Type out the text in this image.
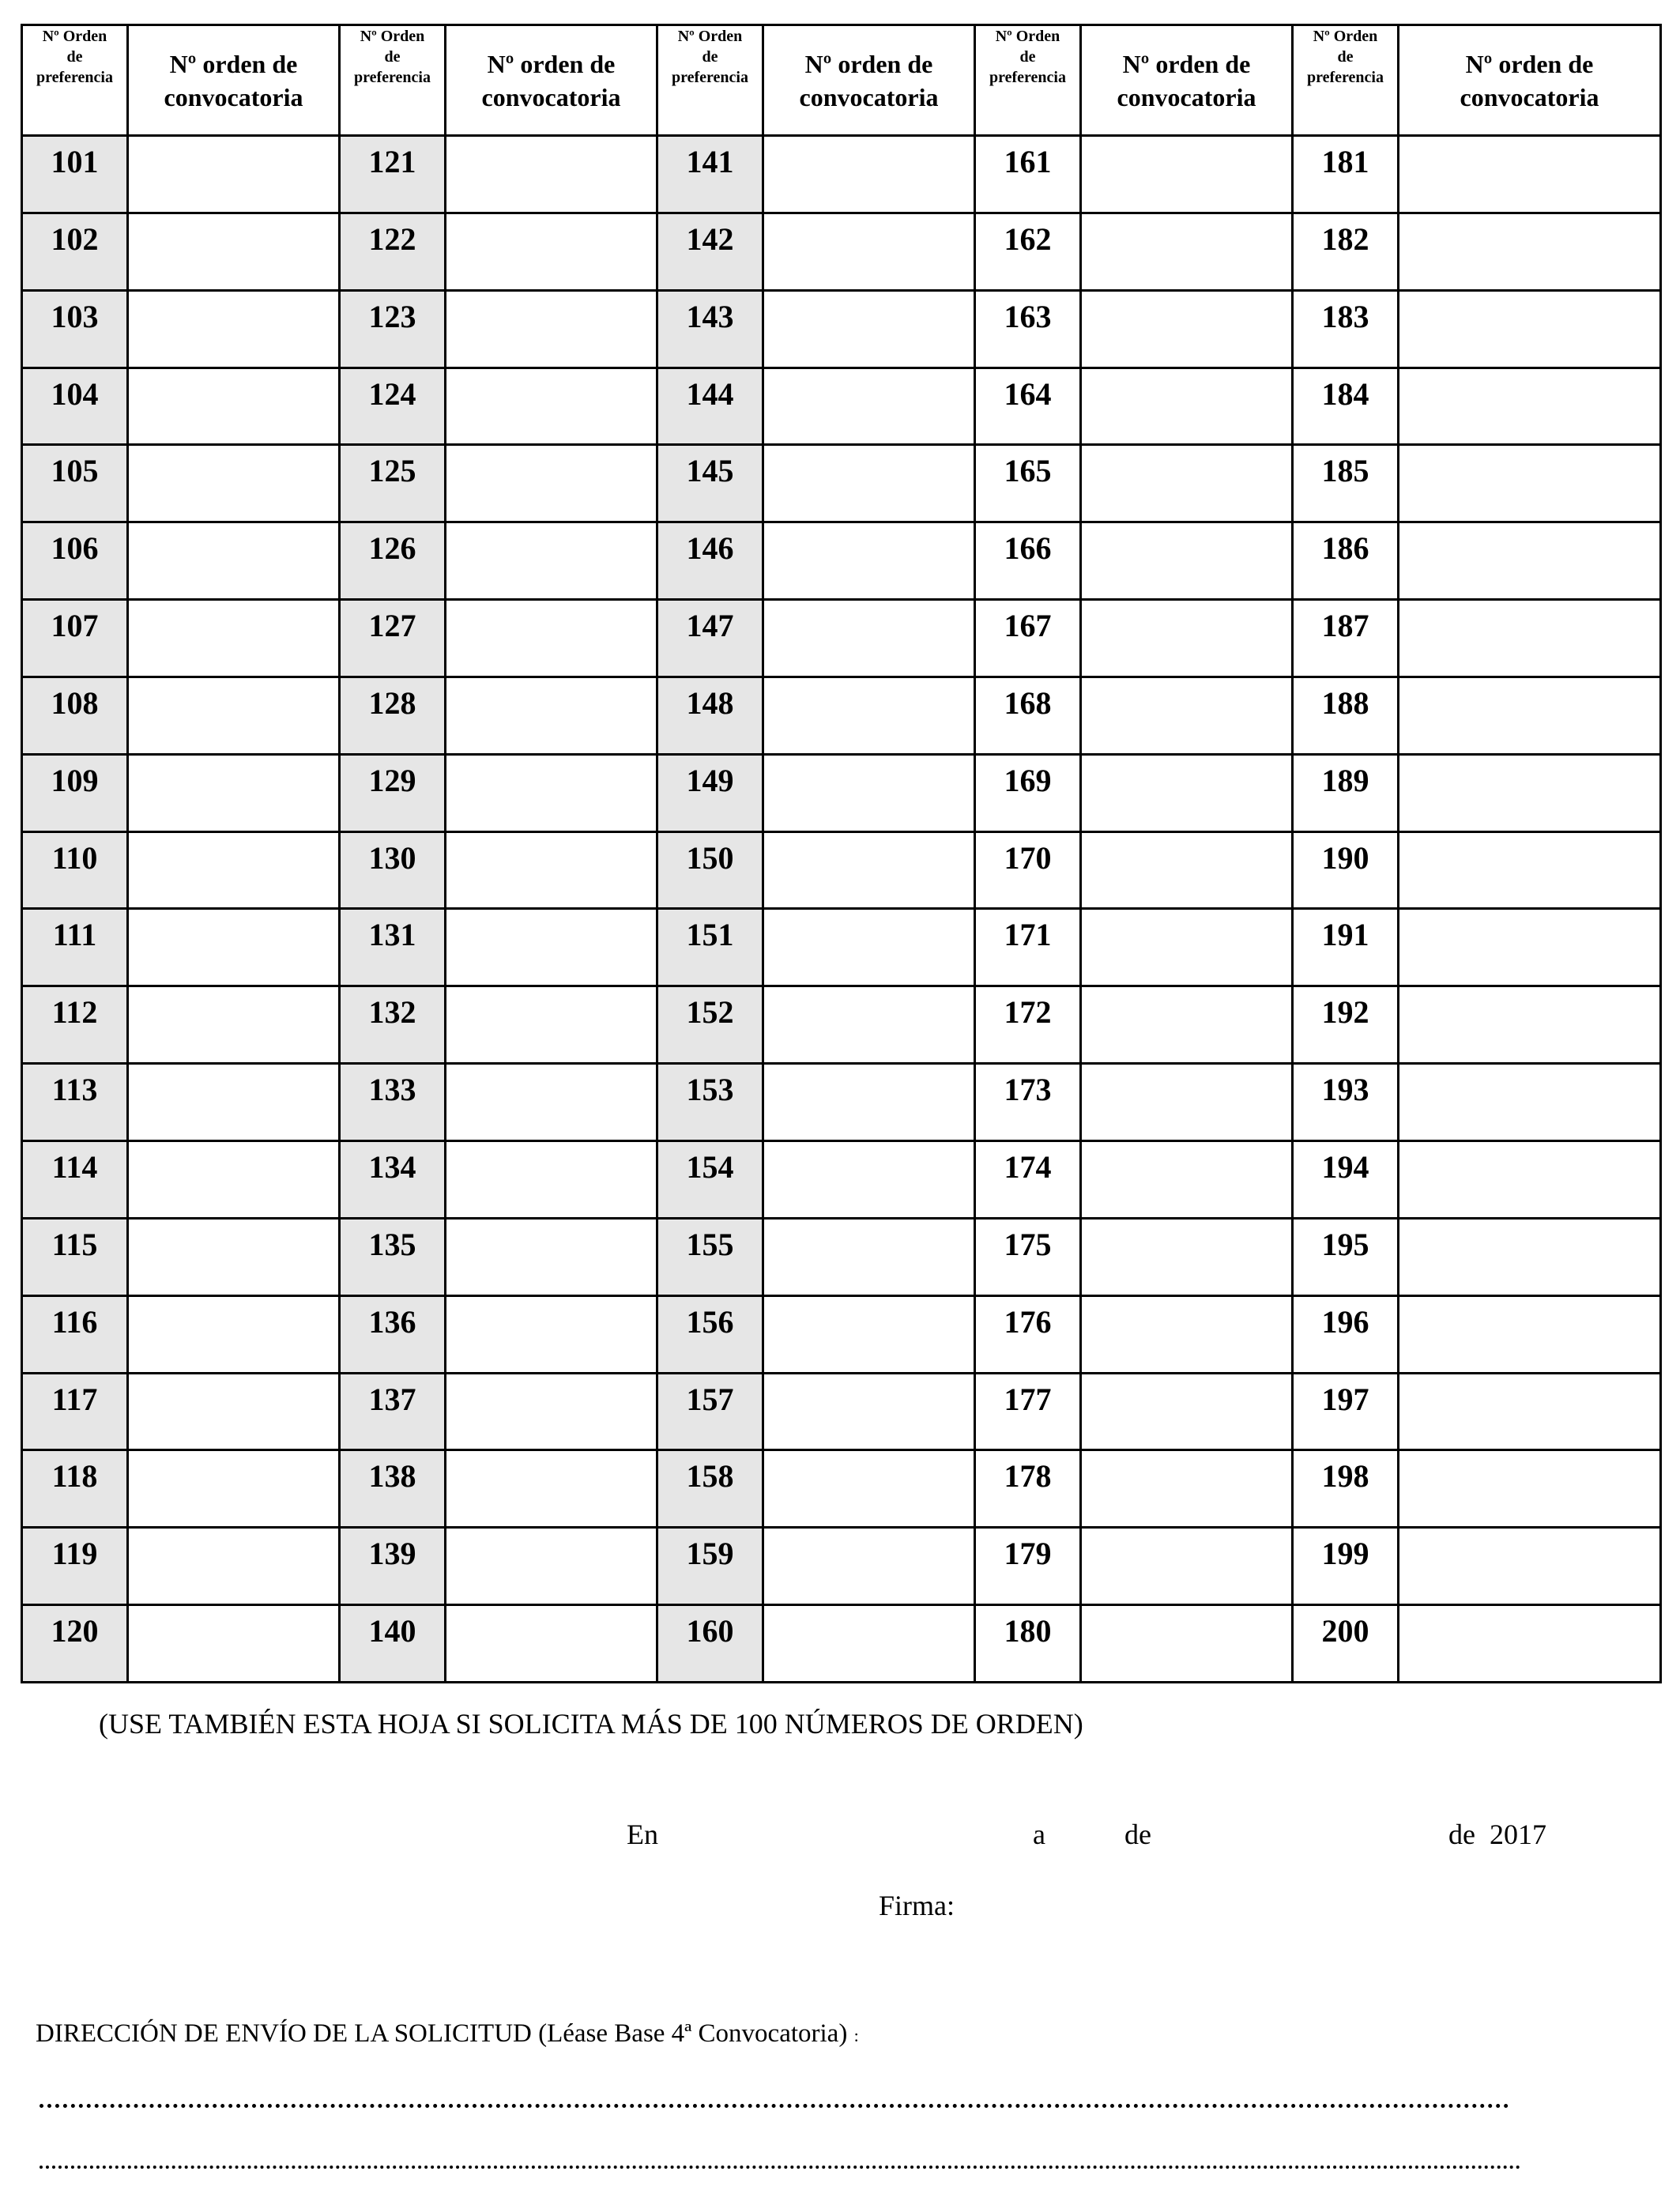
Nº Orden
de
preferencia	Nº orden de
convocatoria	Nº Orden
de
preferencia	Nº orden de
convocatoria	Nº Orden
de
preferencia	Nº orden de
convocatoria	Nº Orden
de
preferencia	Nº orden de
convocatoria	Nº Orden
de
preferencia	Nº orden de
convocatoria

101		121		141		161		181	
102		122		142		162		182	
103		123		143		163		183	
104		124		144		164		184	
105		125		145		165		185	
106		126		146		166		186	
107		127		147		167		187	
108		128		148		168		188	
109		129		149		169		189	
110		130		150		170		190	
111		131		151		171		191	
112		132		152		172		192	
113		133		153		173		193	
114		134		154		174		194	
115		135		155		175		195	
116		136		156		176		196	
117		137		157		177		197	
118		138		158		178		198	
119		139		159		179		199	
120		140		160		180		200	
(USE TAMBIÉN ESTA HOJA SI SOLICITA MÁS DE 100 NÚMEROS DE ORDEN)
En	a	de	de  2017
Firma:
DIRECCIÓN DE ENVÍO DE LA SOLICITUD (Léase Base 4ª Convocatoria) :
